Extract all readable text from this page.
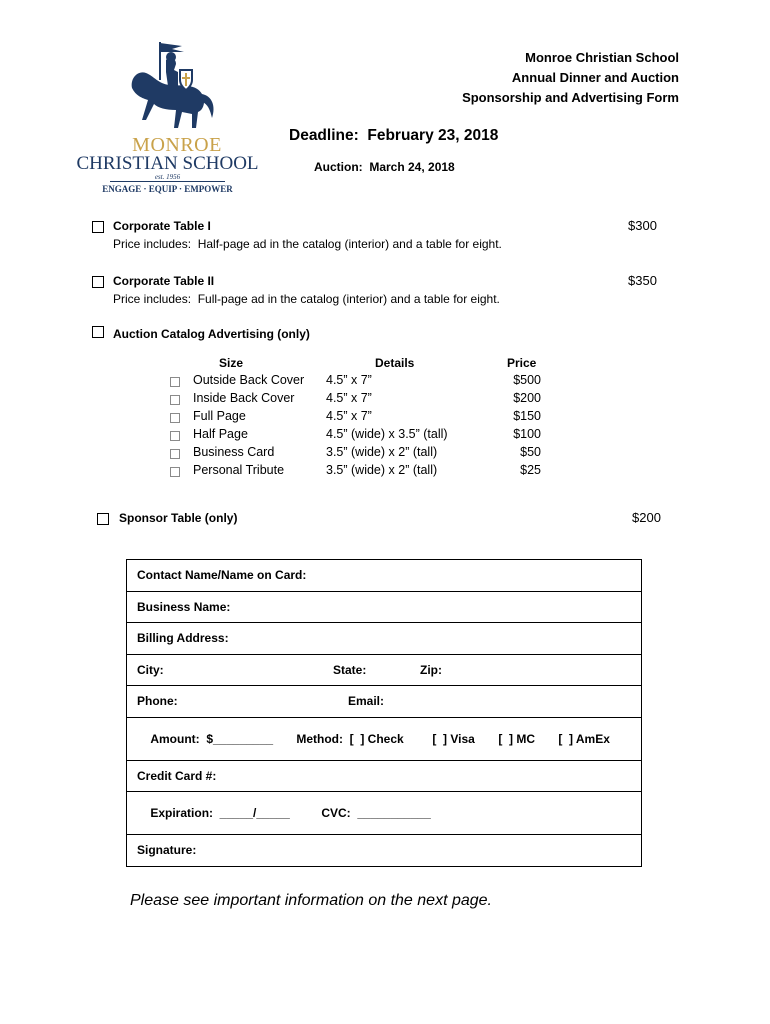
MONROE
CHRISTIAN SCHOOL
est. 1956
ENGAGE · EQUIP · EMPOWER
Monroe Christian School
Annual Dinner and Auction
Sponsorship and Advertising Form
Deadline:  February 23, 2018
Auction:  March 24, 2018
Corporate Table I	$300
Price includes:  Half-page ad in the catalog (interior) and a table for eight.
Corporate Table II	$350
Price includes:  Full-page ad in the catalog (interior) and a table for eight.
Auction Catalog Advertising (only)
Size	Details	Price
Outside Back Cover 4.5” x 7”	$500
Inside Back Cover	4.5” x 7”	$200
Full Page	4.5” x 7”	$150
Half Page	4.5” (wide) x 3.5” (tall)	$100
Business Card	3.5” (wide) x 2” (tall)	$50
Personal Tribute	3.5” (wide) x 2” (tall)	$25
Sponsor Table (only)	$200
Contact Name/Name on Card:
Business Name:
Billing Address:
City:	State:	Zip:
Phone:	Email:

Amount:  $_________ Method:  [  ] Check [  ] Visa [  ] MC [  ] AmEx

Credit Card #:

Expiration:  _____/_____	CVC:  ___________

Signature:
Please see important information on the next page.
